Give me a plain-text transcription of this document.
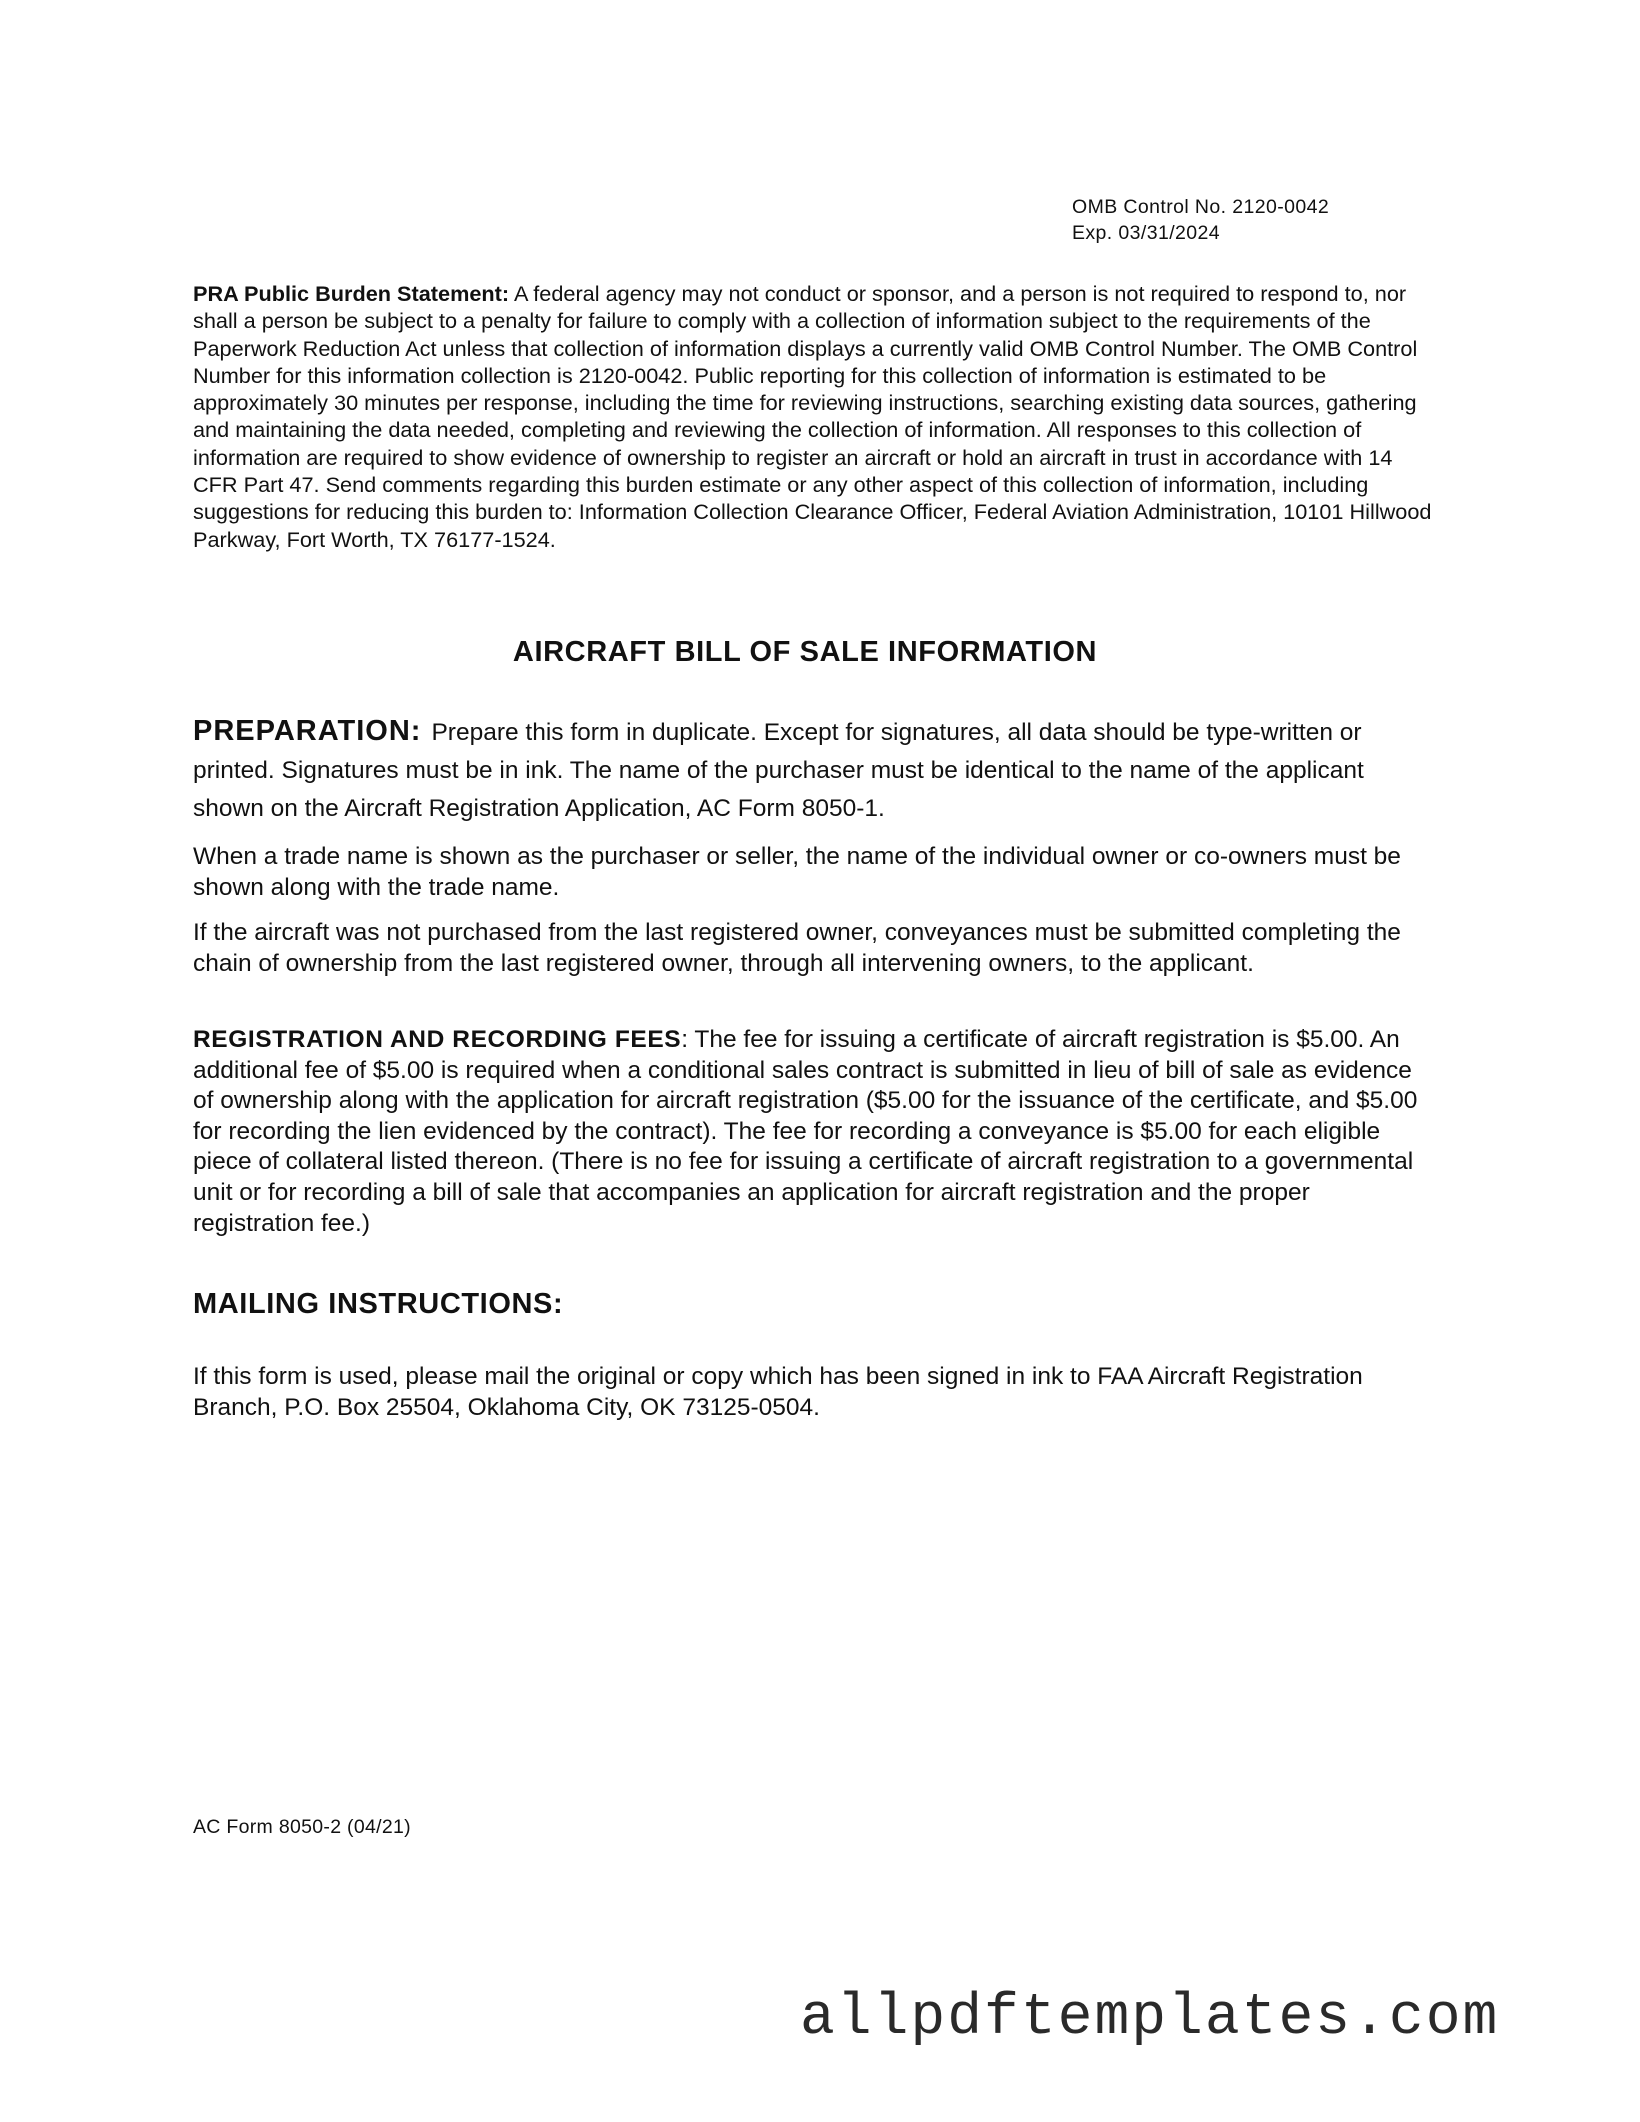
OMB Control No. 2120-0042
Exp. 03/31/2024
PRA Public Burden Statement: A federal agency may not conduct or sponsor, and a person is not required to respond to, nor shall a person be subject to a penalty for failure to comply with a collection of information subject to the requirements of the Paperwork Reduction Act unless that collection of information displays a currently valid OMB Control Number. The OMB Control Number for this information collection is 2120-0042. Public reporting for this collection of information is estimated to be approximately 30 minutes per response, including the time for reviewing instructions, searching existing data sources, gathering and maintaining the data needed, completing and reviewing the collection of information. All responses to this collection of information are required to show evidence of ownership to register an aircraft or hold an aircraft in trust in accordance with 14 CFR Part 47. Send comments regarding this burden estimate or any other aspect of this collection of information, including suggestions for reducing this burden to: Information Collection Clearance Officer, Federal Aviation Administration, 10101 Hillwood Parkway, Fort Worth, TX 76177-1524.
AIRCRAFT BILL OF SALE INFORMATION
PREPARATION: Prepare this form in duplicate. Except for signatures, all data should be type-written or printed. Signatures must be in ink. The name of the purchaser must be identical to the name of the applicant shown on the Aircraft Registration Application, AC Form 8050-1.
When a trade name is shown as the purchaser or seller, the name of the individual owner or co-owners must be shown along with the trade name.
If the aircraft was not purchased from the last registered owner, conveyances must be submitted completing the chain of ownership from the last registered owner, through all intervening owners, to the applicant.
REGISTRATION AND RECORDING FEES: The fee for issuing a certificate of aircraft registration is $5.00. An additional fee of $5.00 is required when a conditional sales contract is submitted in lieu of bill of sale as evidence of ownership along with the application for aircraft registration ($5.00 for the issuance of the certificate, and $5.00 for recording the lien evidenced by the contract). The fee for recording a conveyance is $5.00 for each eligible piece of collateral listed thereon. (There is no fee for issuing a certificate of aircraft registration to a governmental unit or for recording a bill of sale that accompanies an application for aircraft registration and the proper registration fee.)
MAILING INSTRUCTIONS:
If this form is used, please mail the original or copy which has been signed in ink to FAA Aircraft Registration Branch, P.O. Box 25504, Oklahoma City, OK 73125-0504.
AC Form 8050-2 (04/21)
allpdftemplates.com
